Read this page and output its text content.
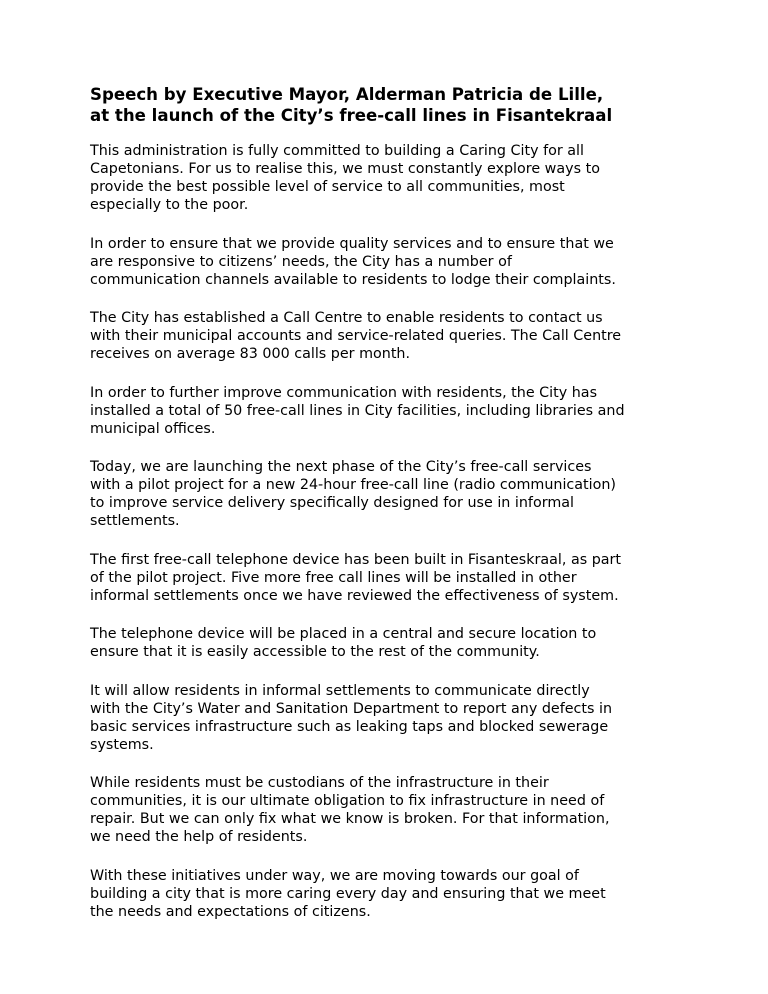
Speech by Executive Mayor, Alderman Patricia de Lille,
at the launch of the City’s free-call lines in Fisantekraal

This administration is fully committed to building a Caring City for all
Capetonians. For us to realise this, we must constantly explore ways to
provide the best possible level of service to all communities, most
especially to the poor.

In order to ensure that we provide quality services and to ensure that we
are responsive to citizens’ needs, the City has a number of
communication channels available to residents to lodge their complaints.

The City has established a Call Centre to enable residents to contact us
with their municipal accounts and service-related queries. The Call Centre
receives on average 83 000 calls per month.

In order to further improve communication with residents, the City has
installed a total of 50 free-call lines in City facilities, including libraries and
municipal offices.

Today, we are launching the next phase of the City’s free-call services
with a pilot project for a new 24-hour free-call line (radio communication)
to improve service delivery specifically designed for use in informal
settlements.

The first free-call telephone device has been built in Fisanteskraal, as part
of the pilot project. Five more free call lines will be installed in other
informal settlements once we have reviewed the effectiveness of system.

The telephone device will be placed in a central and secure location to
ensure that it is easily accessible to the rest of the community.

It will allow residents in informal settlements to communicate directly
with the City’s Water and Sanitation Department to report any defects in
basic services infrastructure such as leaking taps and blocked sewerage
systems.

While residents must be custodians of the infrastructure in their
communities, it is our ultimate obligation to fix infrastructure in need of
repair. But we can only fix what we know is broken. For that information,
we need the help of residents.

With these initiatives under way, we are moving towards our goal of
building a city that is more caring every day and ensuring that we meet
the needs and expectations of citizens.
